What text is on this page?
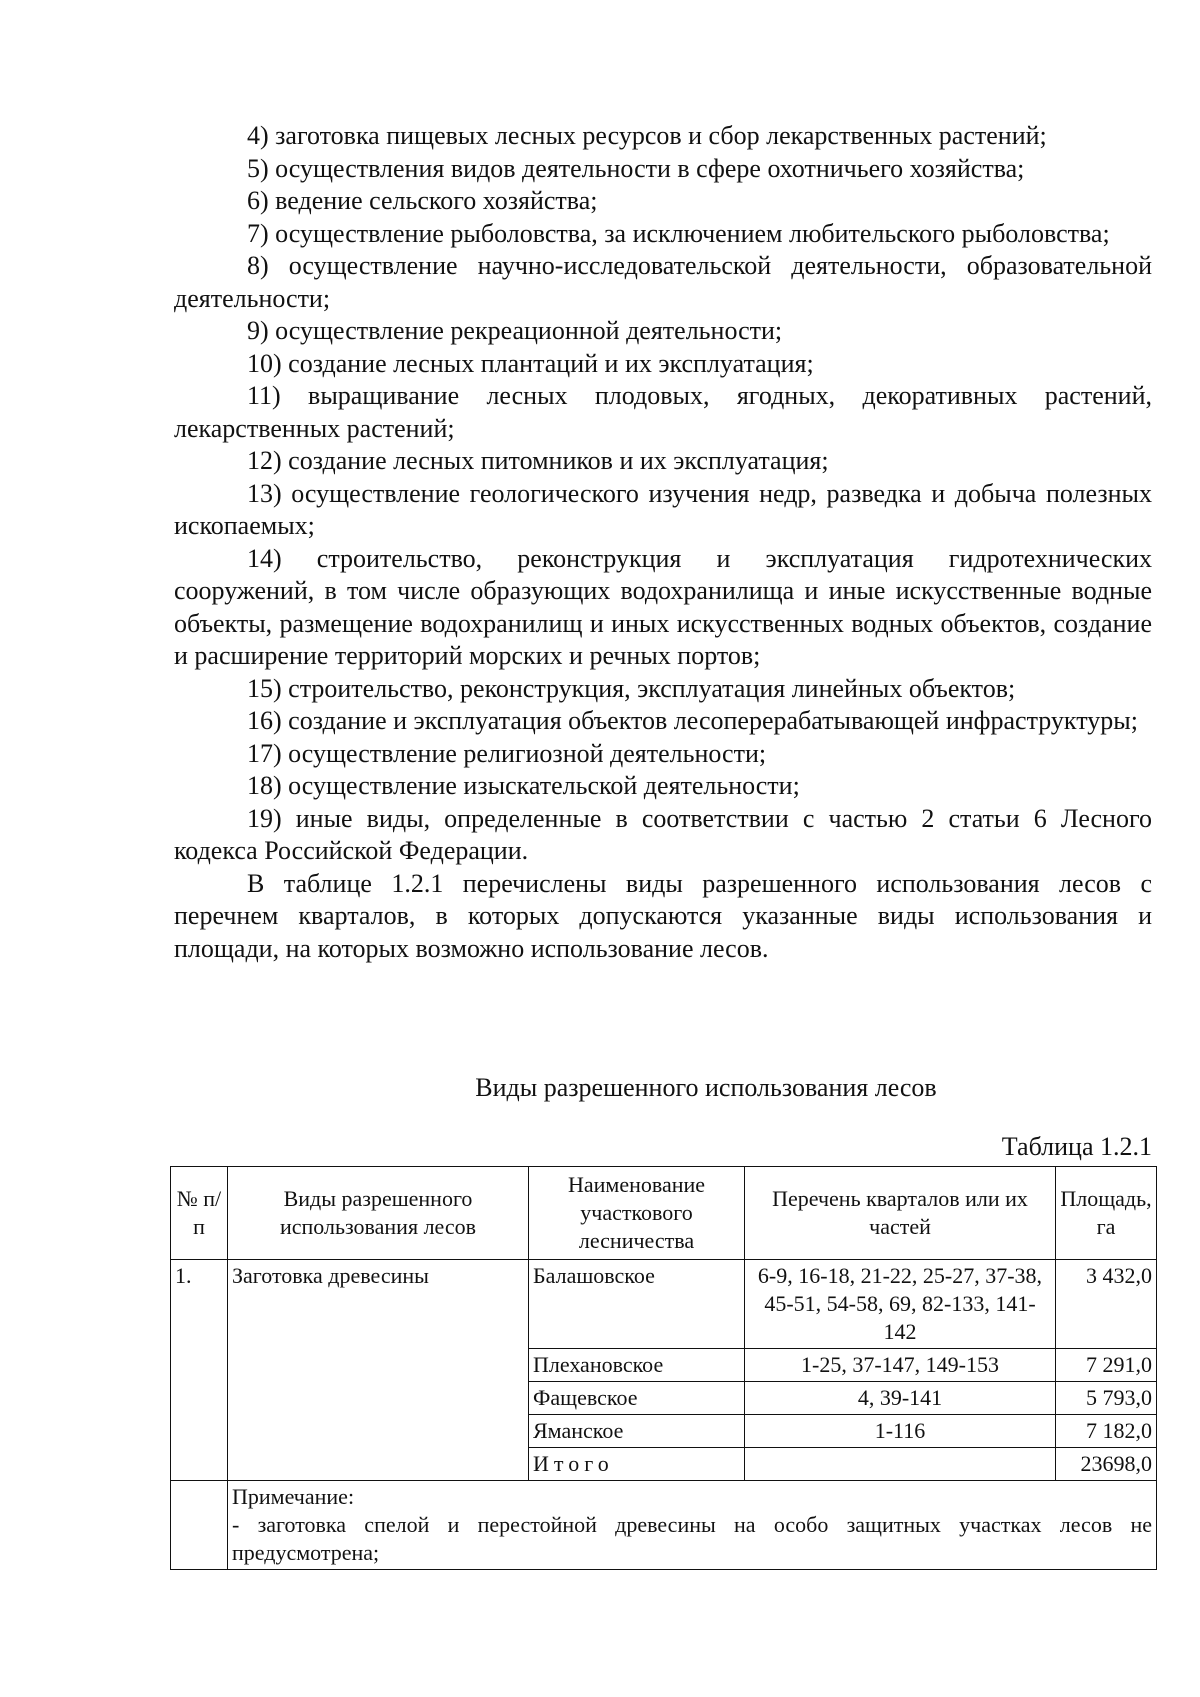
4) заготовка пищевых лесных ресурсов и сбор лекарственных растений;

5) осуществления видов деятельности в сфере охотничьего хозяйства;

6) ведение сельского хозяйства;

7) осуществление рыболовства, за исключением любительского рыболовства;

8) осуществление научно-исследовательской деятельности, образовательной деятельности;

9) осуществление рекреационной деятельности;

10) создание лесных плантаций и их эксплуатация;

11) выращивание лесных плодовых, ягодных, декоративных растений, лекарственных растений;

12) создание лесных питомников и их эксплуатация;

13) осуществление геологического изучения недр, разведка и добыча полезных ископаемых;

14) строительство, реконструкция и эксплуатация гидротехнических сооружений, в том числе образующих водохранилища и иные искусственные водные объекты, размещение водохранилищ и иных искусственных водных объектов, создание и расширение территорий морских и речных портов;

15) строительство, реконструкция, эксплуатация линейных объектов;

16) создание и эксплуатация объектов лесоперерабатывающей инфраструктуры;

17) осуществление религиозной деятельности;

18) осуществление изыскательской деятельности;

19) иные виды, определенные в соответствии с частью 2 статьи 6 Лесного кодекса Российской Федерации.

В таблице 1.2.1 перечислены виды разрешенного использования лесов с перечнем кварталов, в которых допускаются указанные виды использования и площади, на которых возможно использование лесов.

Виды разрешенного использования лесов
Таблица 1.2.1
№ п/п	Виды разрешенного использования лесов	Наименование участкового лесничества	Перечень кварталов или их частей	Площадь, га
1.	Заготовка древесины	Балашовское	6-9, 16-18, 21-22, 25-27, 37-38, 45-51, 54-58, 69, 82-133, 141-142	3 432,0
		Плехановское	1-25, 37-147, 149-153	7 291,0
		Фащевское	4, 39-141	5 793,0
		Яманское	1-116	7 182,0
		Итого		23698,0

	Примечание:
- заготовка спелой и перестойной древесины на особо защитных участках лесов не предусмотрена;			
